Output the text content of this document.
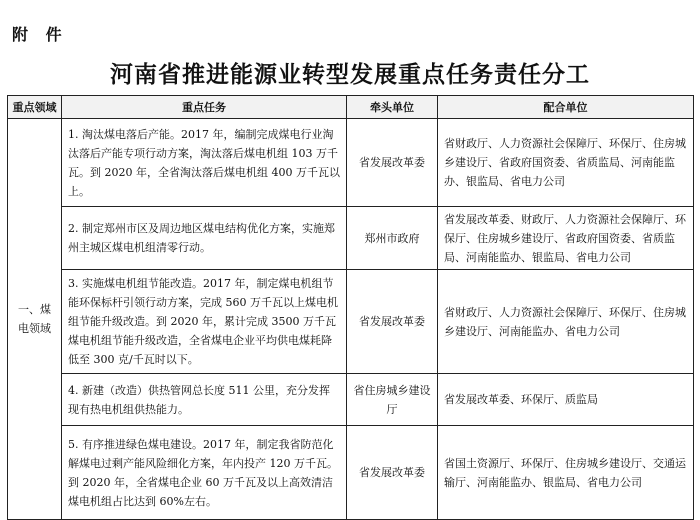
附 件
河南省推进能源业转型发展重点任务责任分工
重点领域	重点任务	牵头单位	配合单位
一、煤电领域	1. 淘汰煤电落后产能。2017 年，编制完成煤电行业淘汰落后产能专项行动方案，淘汰落后煤电机组 103 万千瓦。到 2020 年，全省淘汰落后煤电机组 400 万千瓦以上。	省发展改革委	省财政厅、人力资源社会保障厅、环保厅、住房城乡建设厅、省政府国资委、省质监局、河南能监办、银监局、省电力公司
	2. 制定郑州市区及周边地区煤电结构优化方案，实施郑州主城区煤电机组清零行动。	郑州市政府	省发展改革委、财政厅、人力资源社会保障厅、环保厅、住房城乡建设厅、省政府国资委、省质监局、河南能监办、银监局、省电力公司
	3. 实施煤电机组节能改造。2017 年，制定煤电机组节能环保标杆引领行动方案，完成 560 万千瓦以上煤电机组节能升级改造。到 2020 年，累计完成 3500 万千瓦煤电机组节能升级改造，全省煤电企业平均供电煤耗降低至 300 克/千瓦时以下。	省发展改革委	省财政厅、人力资源社会保障厅、环保厅、住房城乡建设厅、河南能监办、省电力公司
	4. 新建（改造）供热管网总长度 511 公里，充分发挥现有热电机组供热能力。	省住房城乡建设厅	省发展改革委、环保厅、质监局
	5. 有序推进绿色煤电建设。2017 年，制定我省防范化解煤电过剩产能风险细化方案，年内投产 120 万千瓦。到 2020 年，全省煤电企业 60 万千瓦及以上高效清洁煤电机组占比达到 60%左右。	省发展改革委	省国土资源厅、环保厅、住房城乡建设厅、交通运输厅、河南能监办、银监局、省电力公司
